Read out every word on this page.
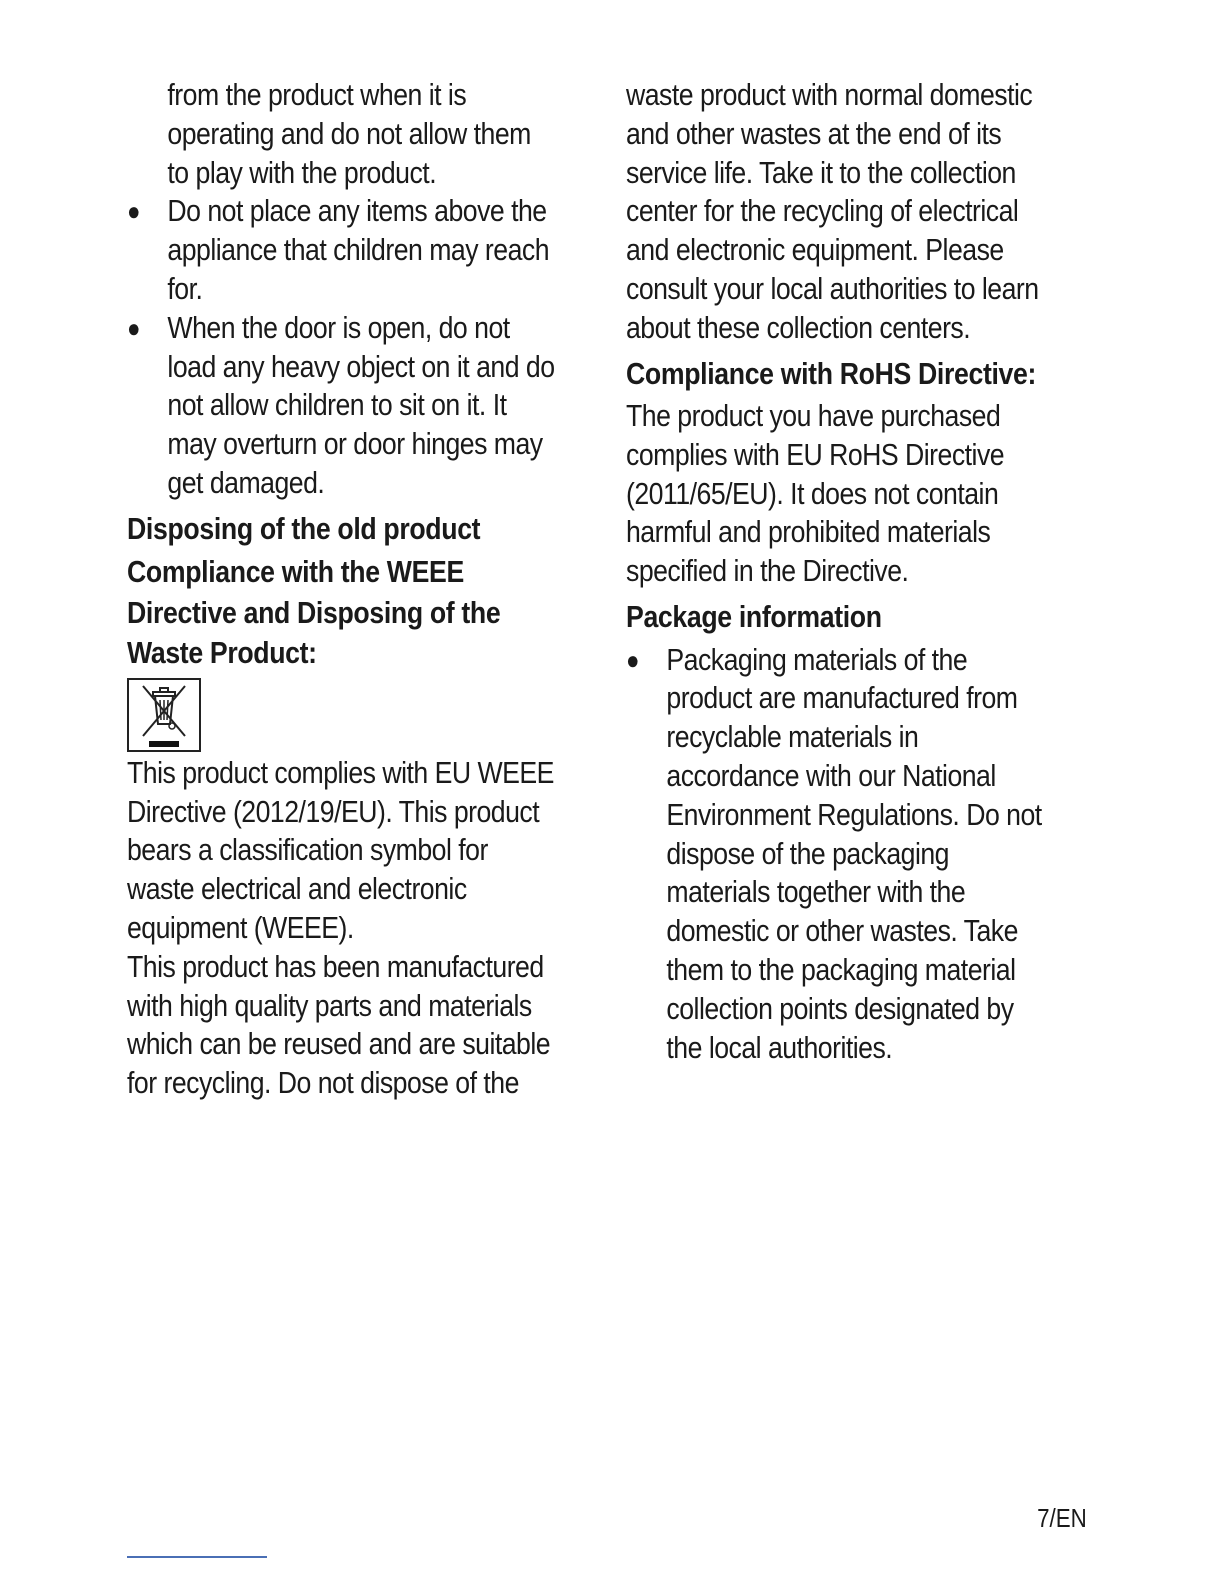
from the product when it is
operating and do not allow them
to play with the product.
● Do not place any items above the
appliance that children may reach
for.
● When the door is open, do not
load any heavy object on it and do
not allow children to sit on it. It
may overturn or door hinges may
get damaged.
Disposing of the old product
Compliance with the WEEE
Directive and Disposing of the
Waste Product:
This product complies with EU WEEE
Directive (2012/19/EU). This product
bears a classification symbol for
waste electrical and electronic
equipment (WEEE).
This product has been manufactured
with high quality parts and materials
which can be reused and are suitable
for recycling. Do not dispose of the
waste product with normal domestic
and other wastes at the end of its
service life. Take it to the collection
center for the recycling of electrical
and electronic equipment. Please
consult your local authorities to learn
about these collection centers.
Compliance with RoHS Directive:
The product you have purchased
complies with EU RoHS Directive
(2011/65/EU). It does not contain
harmful and prohibited materials
specified in the Directive.
Package information
● Packaging materials of the
product are manufactured from
recyclable materials in
accordance with our National
Environment Regulations. Do not
dispose of the packaging
materials together with the
domestic or other wastes. Take
them to the packaging material
collection points designated by
the local authorities.
7/EN
